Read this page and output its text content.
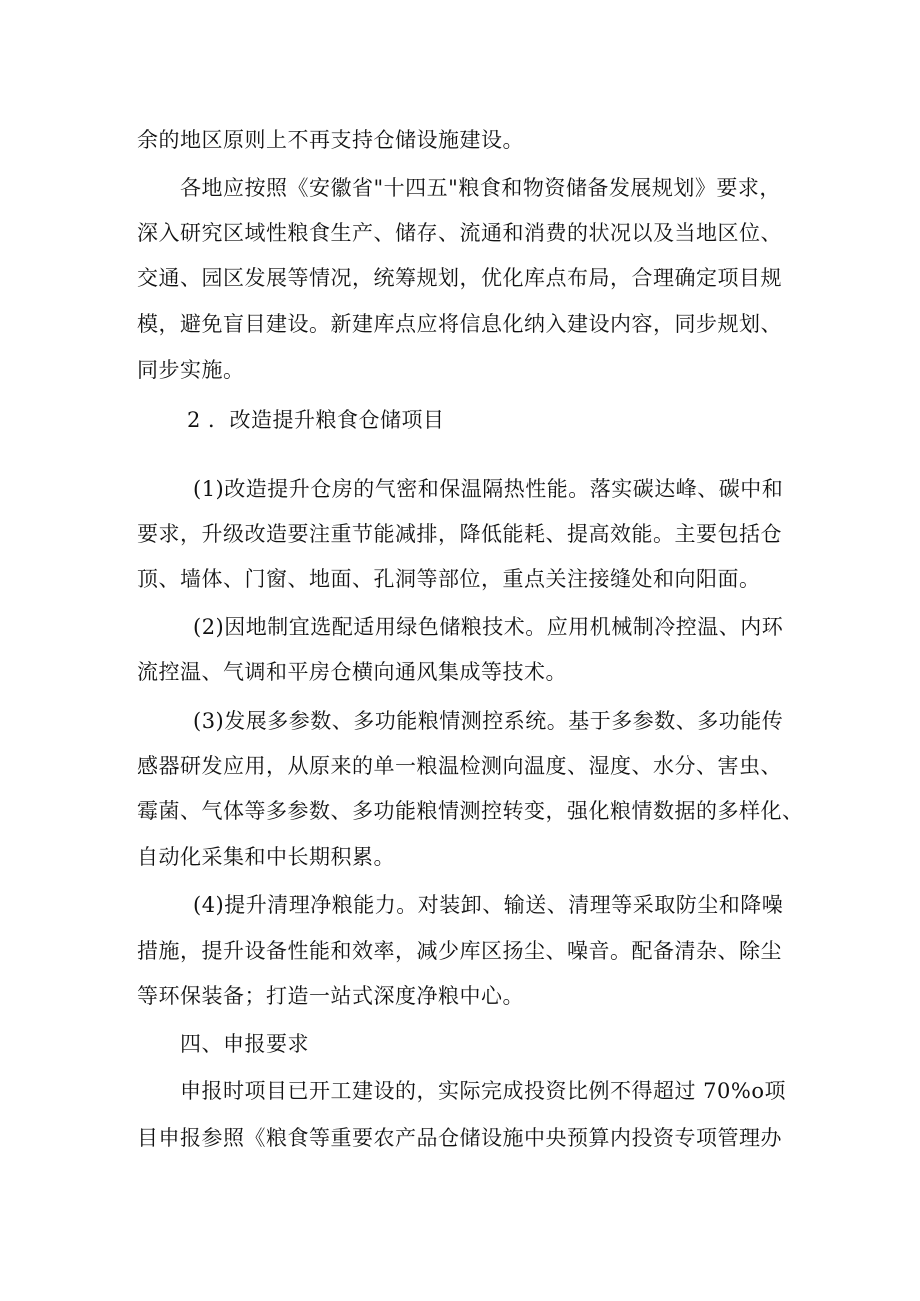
余的地区原则上不再支持仓储设施建设。

各地应按照《安徽省"十四五"粮食和物资储备发展规划》要求，

深入研究区域性粮食生产、储存、流通和消费的状况以及当地区位、

交通、园区发展等情况，统筹规划，优化库点布局，合理确定项目规

模，避免盲目建设。新建库点应将信息化纳入建设内容，同步规划、

同步实施。

2 ．改造提升粮食仓储项目

(1)改造提升仓房的气密和保温隔热性能。落实碳达峰、碳中和

要求，升级改造要注重节能减排，降低能耗、提高效能。主要包括仓

顶、墙体、门窗、地面、孔洞等部位，重点关注接缝处和向阳面。

(2)因地制宜选配适用绿色储粮技术。应用机械制冷控温、内环

流控温、气调和平房仓横向通风集成等技术。

(3)发展多参数、多功能粮情测控系统。基于多参数、多功能传

感器研发应用，从原来的单一粮温检测向温度、湿度、水分、害虫、

霉菌、气体等多参数、多功能粮情测控转变，强化粮情数据的多样化、

自动化采集和中长期积累。

(4)提升清理净粮能力。对装卸、输送、清理等采取防尘和降噪

措施，提升设备性能和效率，减少库区扬尘、噪音。配备清杂、除尘

等环保装备；打造一站式深度净粮中心。

四、申报要求

申报时项目已开工建设的，实际完成投资比例不得超过 70%o项

目申报参照《粮食等重要农产品仓储设施中央预算内投资专项管理办
